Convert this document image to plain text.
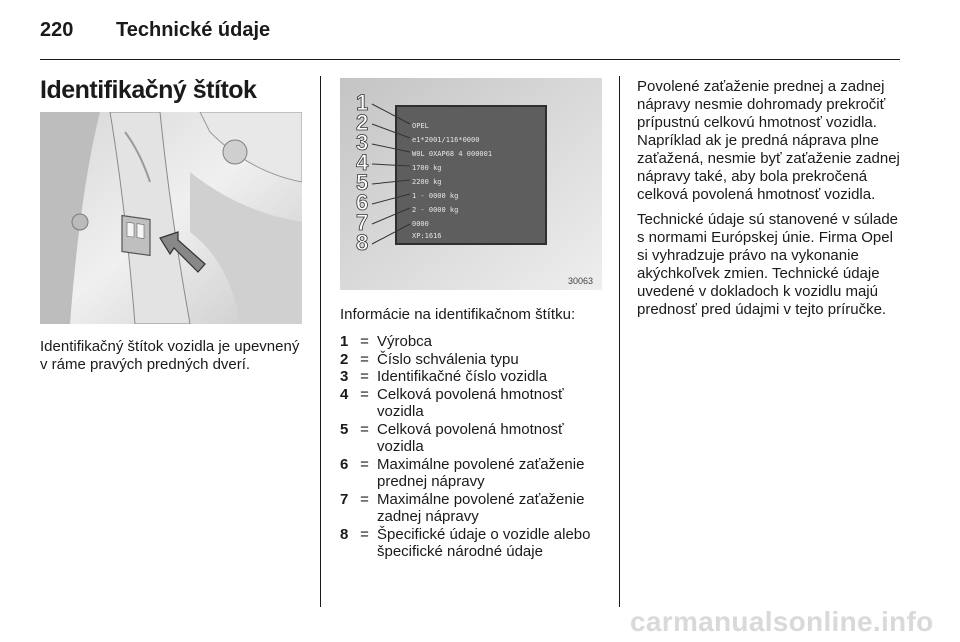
220 Technické údaje
Identifikačný štítok
Identifikačný štítok vozidla je upevnený v ráme pravých predných dverí.
OPEL
e1*2001/116*0000
W0L 0XAP68 4 000001
1700 kg
2200 kg
1 - 0000 kg
2 - 0000 kg
0000
XP:1616
1
2
3
4
5
6
7
8
30063
Informácie na identifikačnom štítku:
1 = Výrobca
2 = Číslo schválenia typu
3 = Identifikačné číslo vozidla
4 = Celková povolená hmotnosť
vozidla
5 = Celková povolená hmotnosť
vozidla
6 = Maximálne povolené zaťaženie
prednej nápravy
7 = Maximálne povolené zaťaženie
zadnej nápravy
8 = Špecifické údaje o vozidle alebo
špecifické národné údaje

Povolené zaťaženie prednej a zadnej nápravy nesmie dohromady prekročiť prípustnú celkovú hmotnosť vozidla. Napríklad ak je predná náprava plne zaťažená, nesmie byť zaťaženie zadnej nápravy také, aby bola prekročená celková povolená hmotnosť vozidla.

Technické údaje sú stanovené v súlade s normami Európskej únie. Firma Opel si vyhradzuje právo na vykonanie akýchkoľvek zmien. Technické údaje uvedené v dokladoch k vozidlu majú prednosť pred údajmi v tejto príručke.

carmanualsonline.info
